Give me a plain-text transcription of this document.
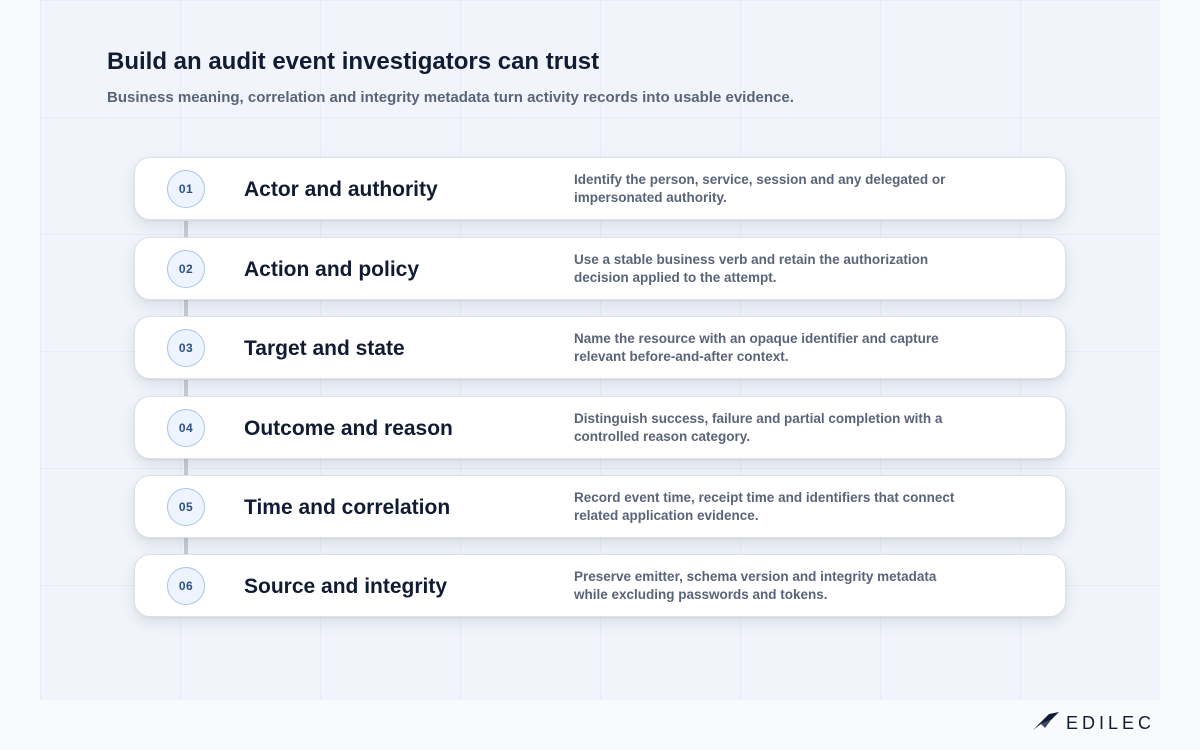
Build an audit event investigators can trust

Business meaning, correlation and integrity metadata turn activity records into usable evidence.

01	Actor and authority	Identify the person, service, session and any delegated or impersonated authority.
02	Action and policy	Use a stable business verb and retain the authorization decision applied to the attempt.
03	Target and state	Name the resource with an opaque identifier and capture relevant before-and-after context.
04	Outcome and reason	Distinguish success, failure and partial completion with a controlled reason category.
05	Time and correlation	Record event time, receipt time and identifiers that connect related application evidence.
06	Source and integrity	Preserve emitter, schema version and integrity metadata while excluding passwords and tokens.
EDILEC
